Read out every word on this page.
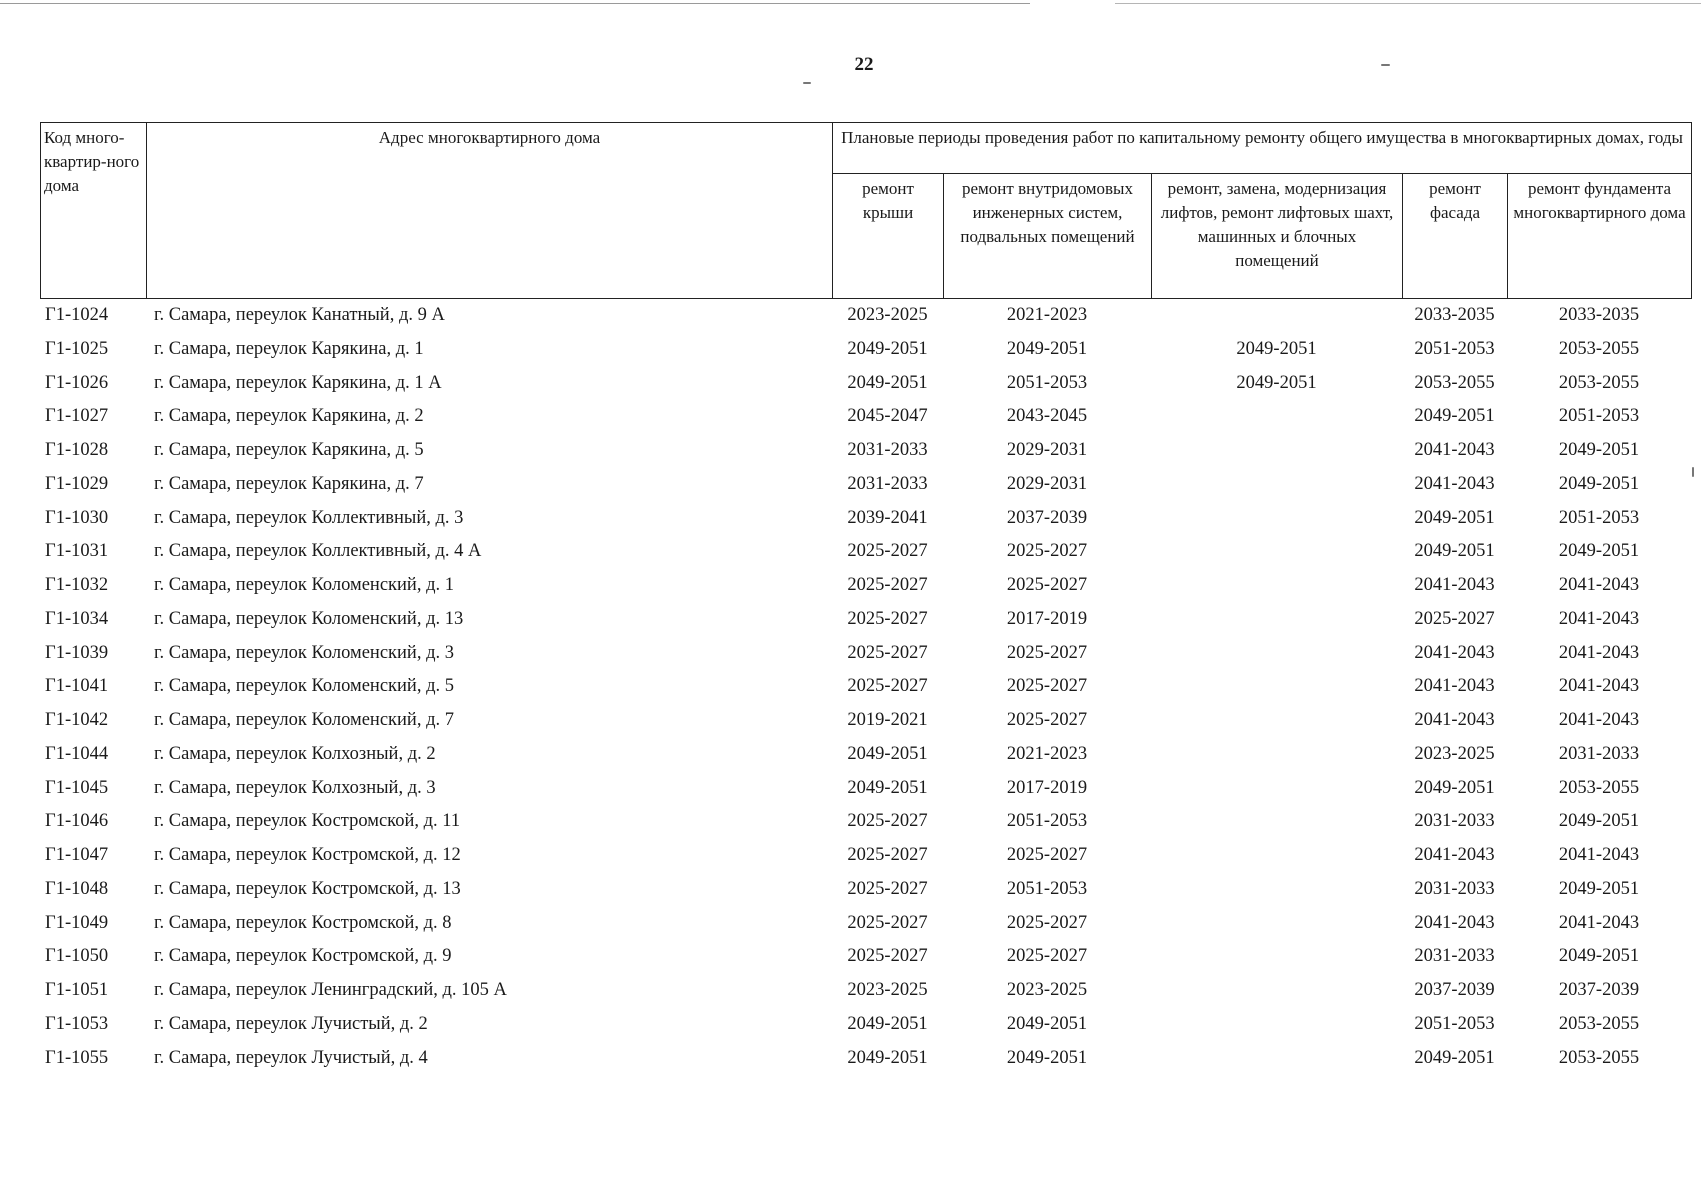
22
Код много-квартир-ного дома	Адрес многоквартирного дома	Плановые периоды проведения работ по капитальному ремонту общего имущества в многоквартирных домах, годы				
		ремонт крыши	ремонт внутридомовых инженерных систем, подвальных помещений	ремонт, замена, модернизация лифтов, ремонт лифтовых шахт, машинных и блочных помещений	ремонт фасада	ремонт фундамента многоквартирного дома
Г1-1024	г. Самара, переулок Канатный, д. 9 А	2023-2025	2021-2023		2033-2035	2033-2035
Г1-1025	г. Самара, переулок Карякина, д. 1	2049-2051	2049-2051	2049-2051	2051-2053	2053-2055
Г1-1026	г. Самара, переулок Карякина, д. 1 А	2049-2051	2051-2053	2049-2051	2053-2055	2053-2055
Г1-1027	г. Самара, переулок Карякина, д. 2	2045-2047	2043-2045		2049-2051	2051-2053
Г1-1028	г. Самара, переулок Карякина, д. 5	2031-2033	2029-2031		2041-2043	2049-2051
Г1-1029	г. Самара, переулок Карякина, д. 7	2031-2033	2029-2031		2041-2043	2049-2051
Г1-1030	г. Самара, переулок Коллективный, д. 3	2039-2041	2037-2039		2049-2051	2051-2053
Г1-1031	г. Самара, переулок Коллективный, д. 4 А	2025-2027	2025-2027		2049-2051	2049-2051
Г1-1032	г. Самара, переулок Коломенский, д. 1	2025-2027	2025-2027		2041-2043	2041-2043
Г1-1034	г. Самара, переулок Коломенский, д. 13	2025-2027	2017-2019		2025-2027	2041-2043
Г1-1039	г. Самара, переулок Коломенский, д. 3	2025-2027	2025-2027		2041-2043	2041-2043
Г1-1041	г. Самара, переулок Коломенский, д. 5	2025-2027	2025-2027		2041-2043	2041-2043
Г1-1042	г. Самара, переулок Коломенский, д. 7	2019-2021	2025-2027		2041-2043	2041-2043
Г1-1044	г. Самара, переулок Колхозный, д. 2	2049-2051	2021-2023		2023-2025	2031-2033
Г1-1045	г. Самара, переулок Колхозный, д. 3	2049-2051	2017-2019		2049-2051	2053-2055
Г1-1046	г. Самара, переулок Костромской, д. 11	2025-2027	2051-2053		2031-2033	2049-2051
Г1-1047	г. Самара, переулок Костромской, д. 12	2025-2027	2025-2027		2041-2043	2041-2043
Г1-1048	г. Самара, переулок Костромской, д. 13	2025-2027	2051-2053		2031-2033	2049-2051
Г1-1049	г. Самара, переулок Костромской, д. 8	2025-2027	2025-2027		2041-2043	2041-2043
Г1-1050	г. Самара, переулок Костромской, д. 9	2025-2027	2025-2027		2031-2033	2049-2051
Г1-1051	г. Самара, переулок Ленинградский, д. 105 А	2023-2025	2023-2025		2037-2039	2037-2039
Г1-1053	г. Самара, переулок Лучистый, д. 2	2049-2051	2049-2051		2051-2053	2053-2055
Г1-1055	г. Самара, переулок Лучистый, д. 4	2049-2051	2049-2051		2049-2051	2053-2055
